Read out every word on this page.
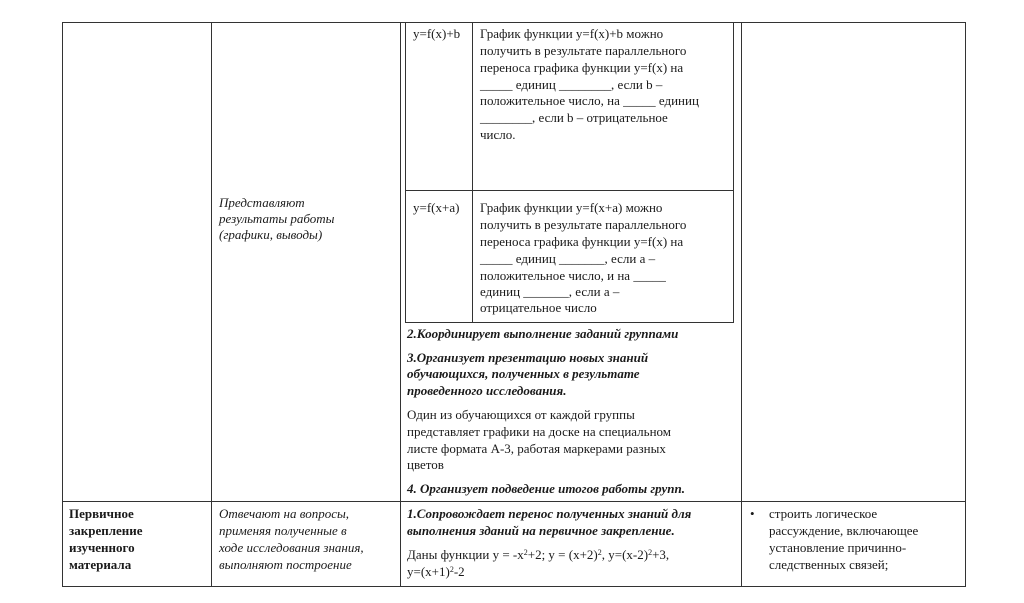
Представляют
результаты работы
(графики, выводы)
y=f(x)+b График функции y=f(x)+b можно
получить в результате параллельного
переноса графика функции y=f(x) на
_____ единиц ________, если b –
положительное число, на _____ единиц
________, если b – отрицательное
число.
y=f(x+a) График функции y=f(x+a) можно
получить в результате параллельного
переноса графика функции y=f(x) на
_____ единиц _______, если а –
положительное число, и на _____
единиц _______, если а –
отрицательное число
2.Координирует выполнение заданий группами
3.Организует презентацию новых знаний
обучающихся, полученных в результате
проведенного исследования.
Один из обучающихся от каждой группы
представляет графики на доске на специальном
листе формата А-3, работая маркерами разных
цветов
4. Организует подведение итогов работы групп.
Первичное
закрепление
изученного
материала
Отвечают на вопросы,
применяя полученные в
ходе исследования знания,
выполняют построение
1.Сопровождает перенос полученных знаний для
выполнения зданий на первичное закрепление.
Даны функции $y = -x^2+2$; $y = (x+2)^2$, $y=(x-2)^2+3$,
$y=(x+1)^2-2$
• строить логическое
рассуждение, включающее
установление причинно-
следственных связей;
